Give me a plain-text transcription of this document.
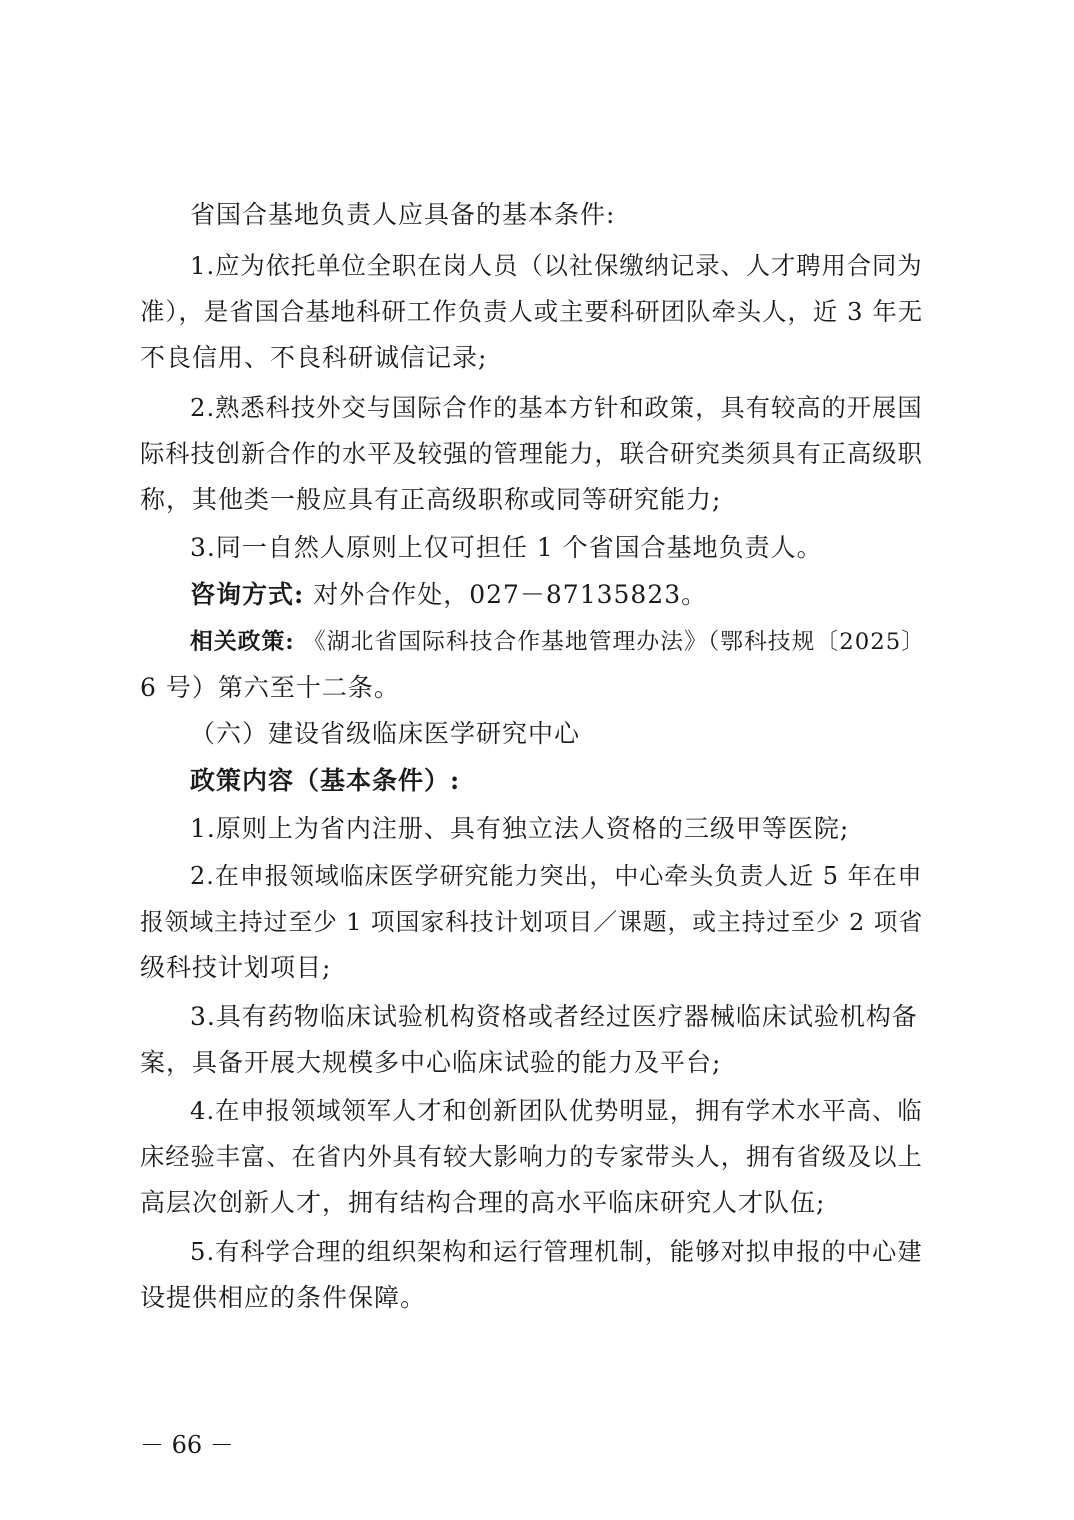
省国合基地负责人应具备的基本条件:
1.应为依托单位全职在岗人员（以社保缴纳记录、人才聘用合同为
准），是省国合基地科研工作负责人或主要科研团队牵头人，近 3 年无
不良信用、不良科研诚信记录;
2.熟悉科技外交与国际合作的基本方针和政策，具有较高的开展国
际科技创新合作的水平及较强的管理能力，联合研究类须具有正高级职
称，其他类一般应具有正高级职称或同等研究能力;
3.同一自然人原则上仅可担任 1 个省国合基地负责人。
咨询方式: 对外合作处，027－87135823。
相关政策: 《湖北省国际科技合作基地管理办法》（鄂科技规〔2025〕
6 号）第六至十二条。
（六）建设省级临床医学研究中心
政策内容（基本条件）:
1.原则上为省内注册、具有独立法人资格的三级甲等医院;
2.在申报领域临床医学研究能力突出，中心牵头负责人近 5 年在申
报领域主持过至少 1 项国家科技计划项目／课题，或主持过至少 2 项省
级科技计划项目;
3.具有药物临床试验机构资格或者经过医疗器械临床试验机构备
案，具备开展大规模多中心临床试验的能力及平台;
4.在申报领域领军人才和创新团队优势明显，拥有学术水平高、临
床经验丰富、在省内外具有较大影响力的专家带头人，拥有省级及以上
高层次创新人才，拥有结构合理的高水平临床研究人才队伍;
5.有科学合理的组织架构和运行管理机制，能够对拟申报的中心建
设提供相应的条件保障。
－ 66 －
